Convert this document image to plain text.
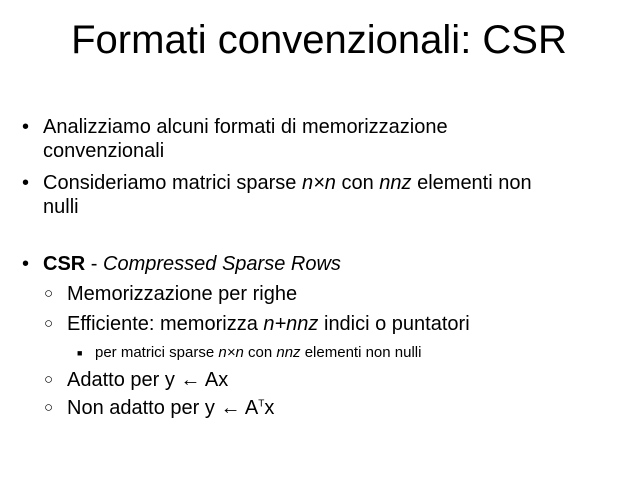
Formati convenzionali: CSR
• Analizziamo alcuni formati di memorizzazione
convenzionali
• Consideriamo matrici sparse n×n con nnz elementi non
nulli
• CSR - Compressed Sparse Rows
○ Memorizzazione per righe
○ Efficiente: memorizza n+nnz indici o puntatori
■ per matrici sparse n×n con nnz elementi non nulli
○ Adatto per y ← Ax
○ Non adatto per y ← $A^Tx$
